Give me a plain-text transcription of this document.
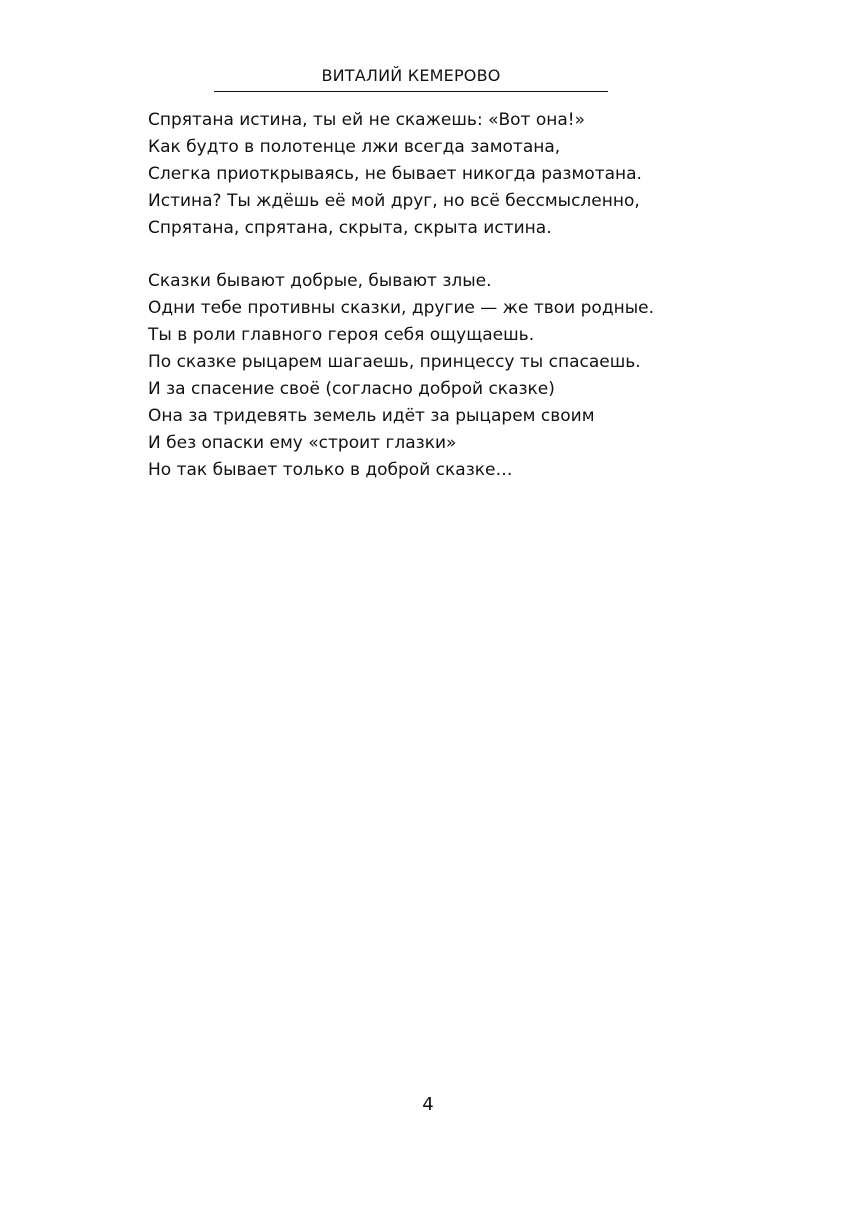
ВИТАЛИЙ КЕМЕРОВО
Спрятана истина, ты ей не скажешь: «Вот она!»
Как будто в полотенце лжи всегда замотана,
Слегка приоткрываясь, не бывает никогда размотана.
Истина? Ты ждёшь её мой друг, но всё бессмысленно,
Спрятана, спрятана, скрыта, скрыта истина.
Сказки бывают добрые, бывают злые.
Одни тебе противны сказки, другие — же твои родные.
Ты в роли главного героя себя ощущаешь.
По сказке рыцарем шагаешь, принцессу ты спасаешь.
И за спасение своё (согласно доброй сказке)
Она за тридевять земель идёт за рыцарем своим
И без опаски ему «строит глазки»
Но так бывает только в доброй сказке…
4
